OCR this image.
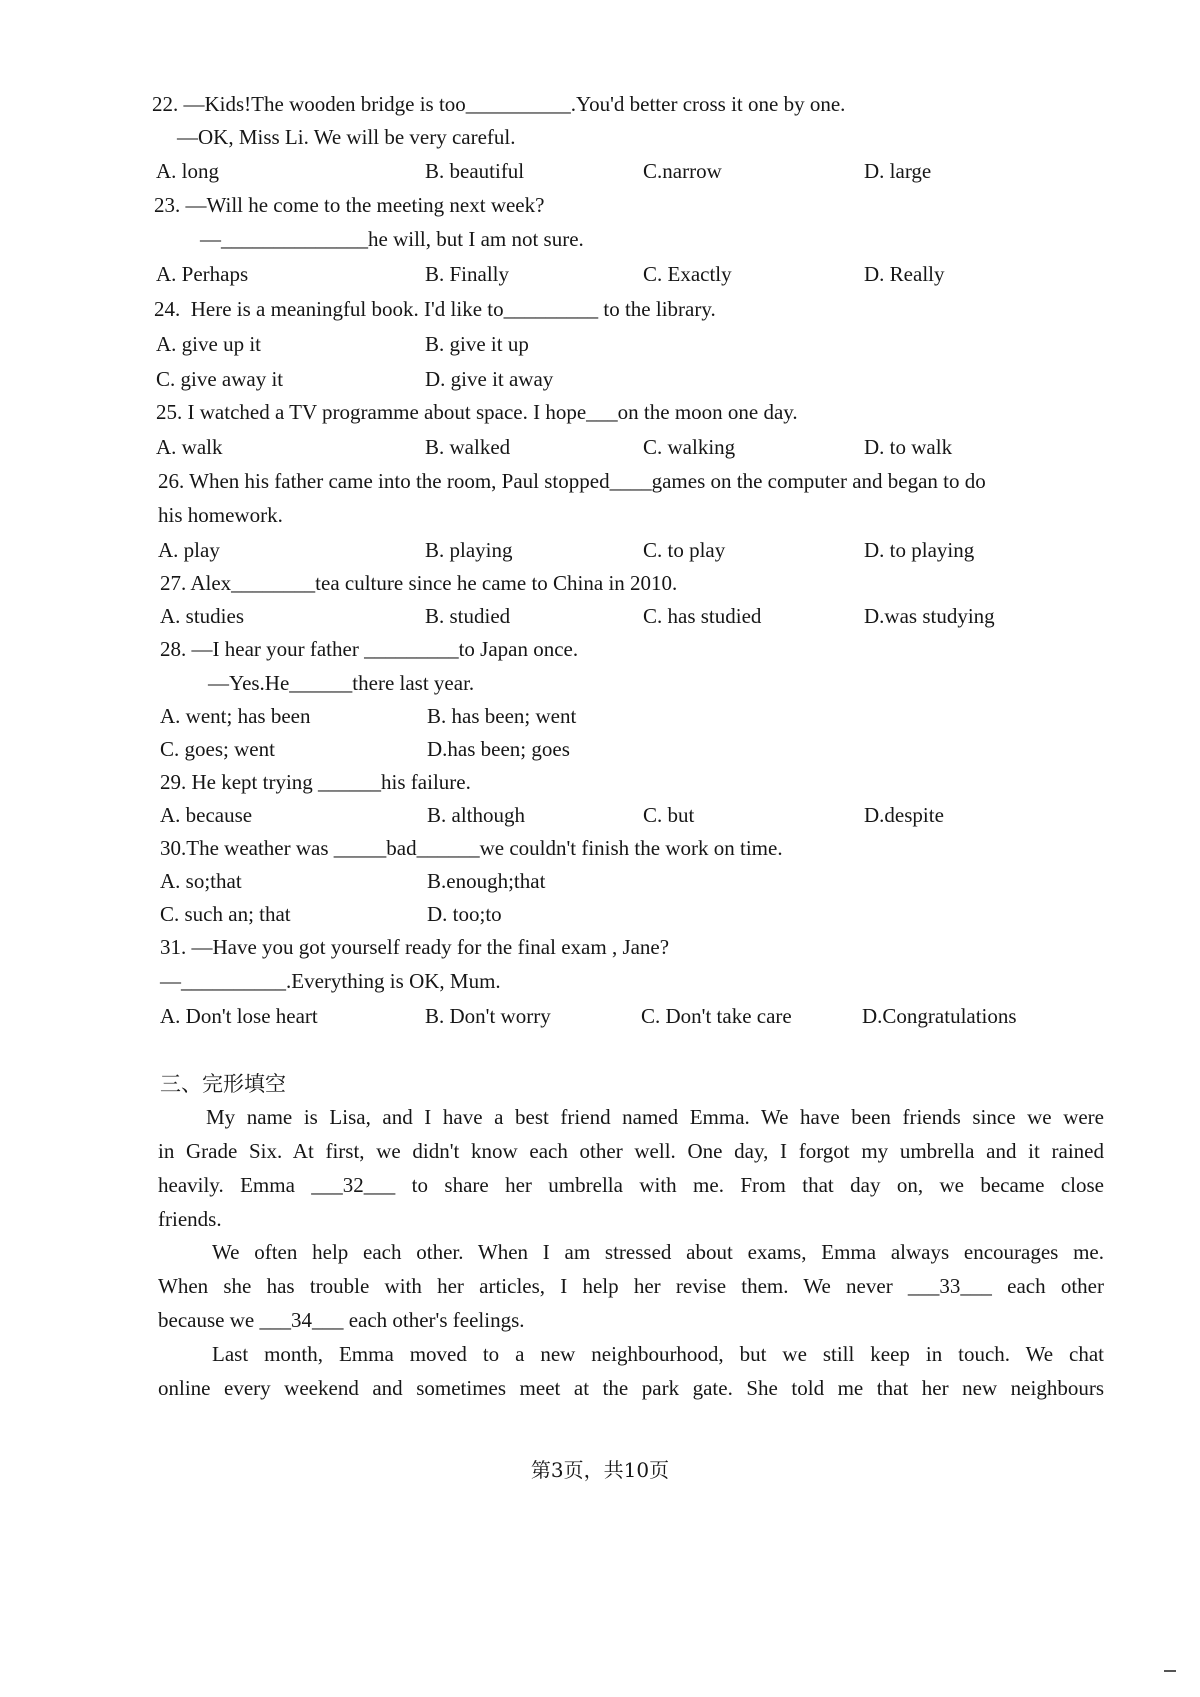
22. —Kids!The wooden bridge is too__________.You'd better cross it one by one.
—OK, Miss Li. We will be very careful.
A. long	B. beautiful	C.narrow	D. large
23. —Will he come to the meeting next week?
—______________he will, but I am not sure.
A. Perhaps	B. Finally	C. Exactly	D. Really
24.  Here is a meaningful book. I'd like to_________ to the library.
A. give up it	B. give it up
C. give away it	D. give it away
25. I watched a TV programme about space. I hope___on the moon one day.
A. walk	B. walked	C. walking	D. to walk
26. When his father came into the room, Paul stopped____games on the computer and began to do
his homework.
A. play	B. playing	C. to play	D. to playing
27. Alex________tea culture since he came to China in 2010.
A. studies	B. studied	C. has studied	D.was studying
28. —I hear your father _________to Japan once.
—Yes.He______there last year.
A. went; has been	B. has been; went
C. goes; went	D.has been; goes
29. He kept trying ______his failure.
A. because	B. although	C. but	D.despite
30.The weather was _____bad______we couldn't finish the work on time.
A. so;that	B.enough;that
C. such an; that	D. too;to
31. —Have you got yourself ready for the final exam , Jane?
—__________.Everything is OK, Mum.
A. Don't lose heart	B. Don't worry	C. Don't take care	D.Congratulations
三、完形填空
My name is Lisa, and I have a best friend named Emma. We have been friends since we were
in Grade Six. At first, we didn't know each other well. One day, I forgot my umbrella and it rained
heavily. Emma ___32___ to share her umbrella with me. From that day on, we became close
friends.
We often help each other. When I am stressed about exams, Emma always encourages me.
When she has trouble with her articles, I help her revise them. We never ___33___ each other
because we ___34___ each other's feelings.
Last month, Emma moved to a new neighbourhood, but we still keep in touch. We chat
online every weekend and sometimes meet at the park gate. She told me that her new neighbours
第3页，共10页
